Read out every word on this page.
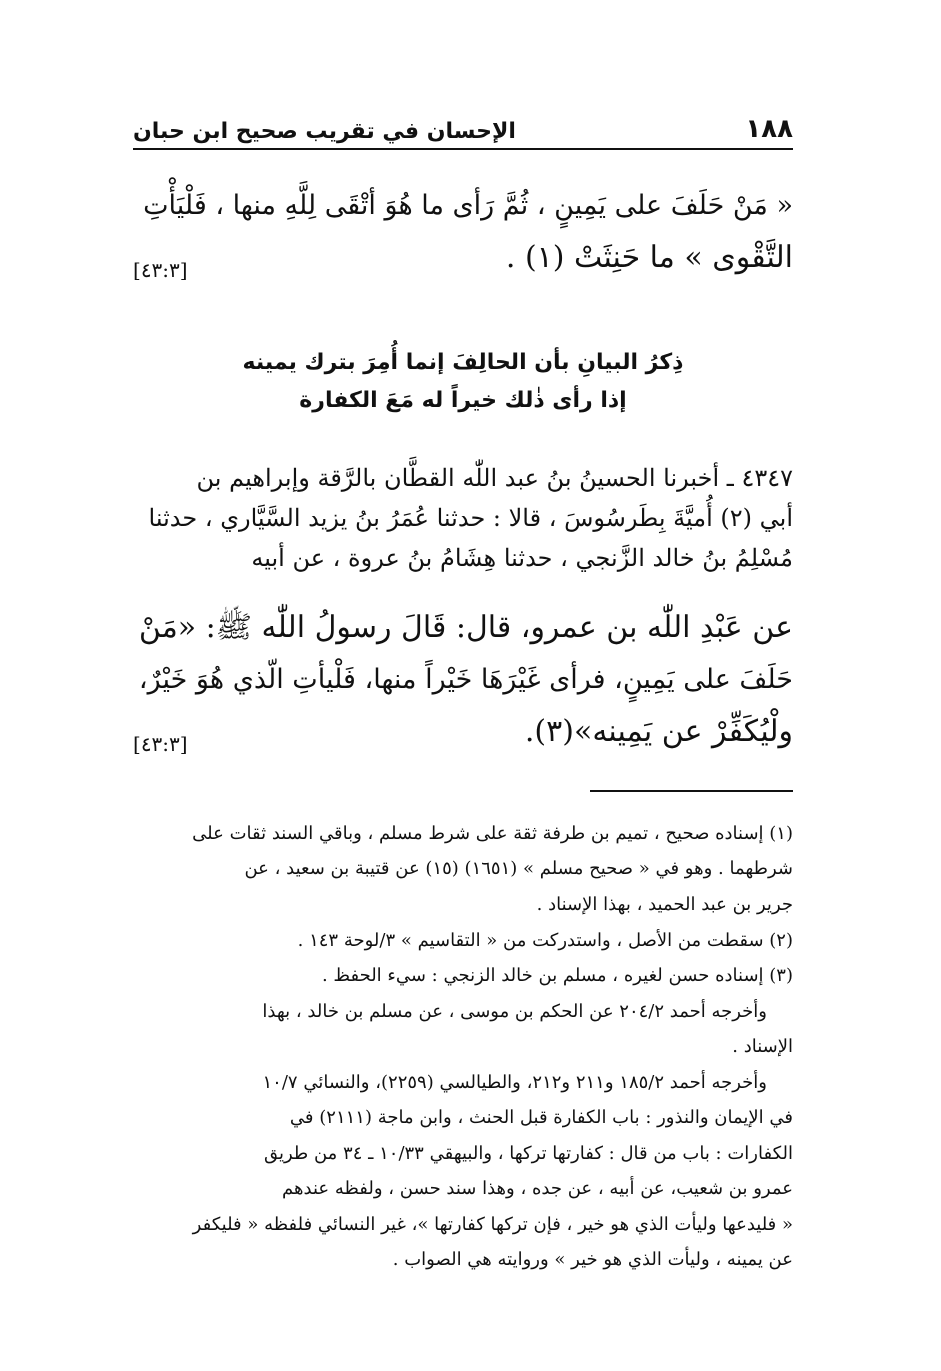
١٨٨
الإحسان في تقريب صحيح ابن حبان
« مَنْ حَلَفَ على يَمِينٍ ، ثُمَّ رَأى ما هُوَ أتْقَى لِلَّهِ منها ، فَلْيَأْتِ
التَّقْوى » ما حَنِثَتْ (١) .
[٤٣:٣]
ذِكرُ البيانِ بأن الحالِفَ إنما أُمِرَ بترك يمينه
إذا رأى ذٰلك خيراً له مَعَ الكفارة
٤٣٤٧ ـ أخبرنا الحسينُ بنُ عبد اللّٰه القطَّان بالرَّقة وإبراهيم بن
أبي (٢) أُميَّةَ بِطَرسُوسَ ، قالا : حدثنا عُمَرُ بنُ يزيد السَّيَّاري ، حدثنا
مُسْلِمُ بنُ خالد الزَّنجي ، حدثنا هِشَامُ بنُ عروة ، عن أبيه
عن عَبْدِ اللّٰه بن عمرو، قال: قَالَ رسولُ اللّٰه ﷺ: «مَنْ
حَلَفَ على يَمِينٍ، فرأى غَيْرَهَا خَيْراً منها، فَلْيأتِ الّذي هُوَ خَيْرٌ،
ولْيُكَفِّرْ عن يَمِينه»(٣).
[٤٣:٣]
(١) إسناده صحيح ، تميم بن طرفة ثقة على شرط مسلم ، وباقي السند ثقات على
شرطهما . وهو في « صحيح مسلم » (١٦٥١) (١٥) عن قتيبة بن سعيد ، عن
جرير بن عبد الحميد ، بهذا الإسناد .
(٢) سقطت من الأصل ، واستدركت من « التقاسيم » ٣/لوحة ١٤٣ .
(٣) إسناده حسن لغيره ، مسلم بن خالد الزنجي : سيء الحفظ .
وأخرجه أحمد ٢٠٤/٢ عن الحكم بن موسى ، عن مسلم بن خالد ، بهذا
الإسناد .
وأخرجه أحمد ١٨٥/٢ و٢١١ و٢١٢، والطيالسي (٢٢٥٩)، والنسائي ١٠/٧
في الإيمان والنذور : باب الكفارة قبل الحنث ، وابن ماجة (٢١١١) في
الكفارات : باب من قال : كفارتها تركها ، والبيهقي ١٠/٣٣ ـ ٣٤ من طريق
عمرو بن شعيب، عن أبيه ، عن جده ، وهذا سند حسن ، ولفظه عندهم
« فليدعها وليأت الذي هو خير ، فإن تركها كفارتها »، غير النسائي فلفظه « فليكفر
عن يمينه ، وليأت الذي هو خير » وروايته هي الصواب .
